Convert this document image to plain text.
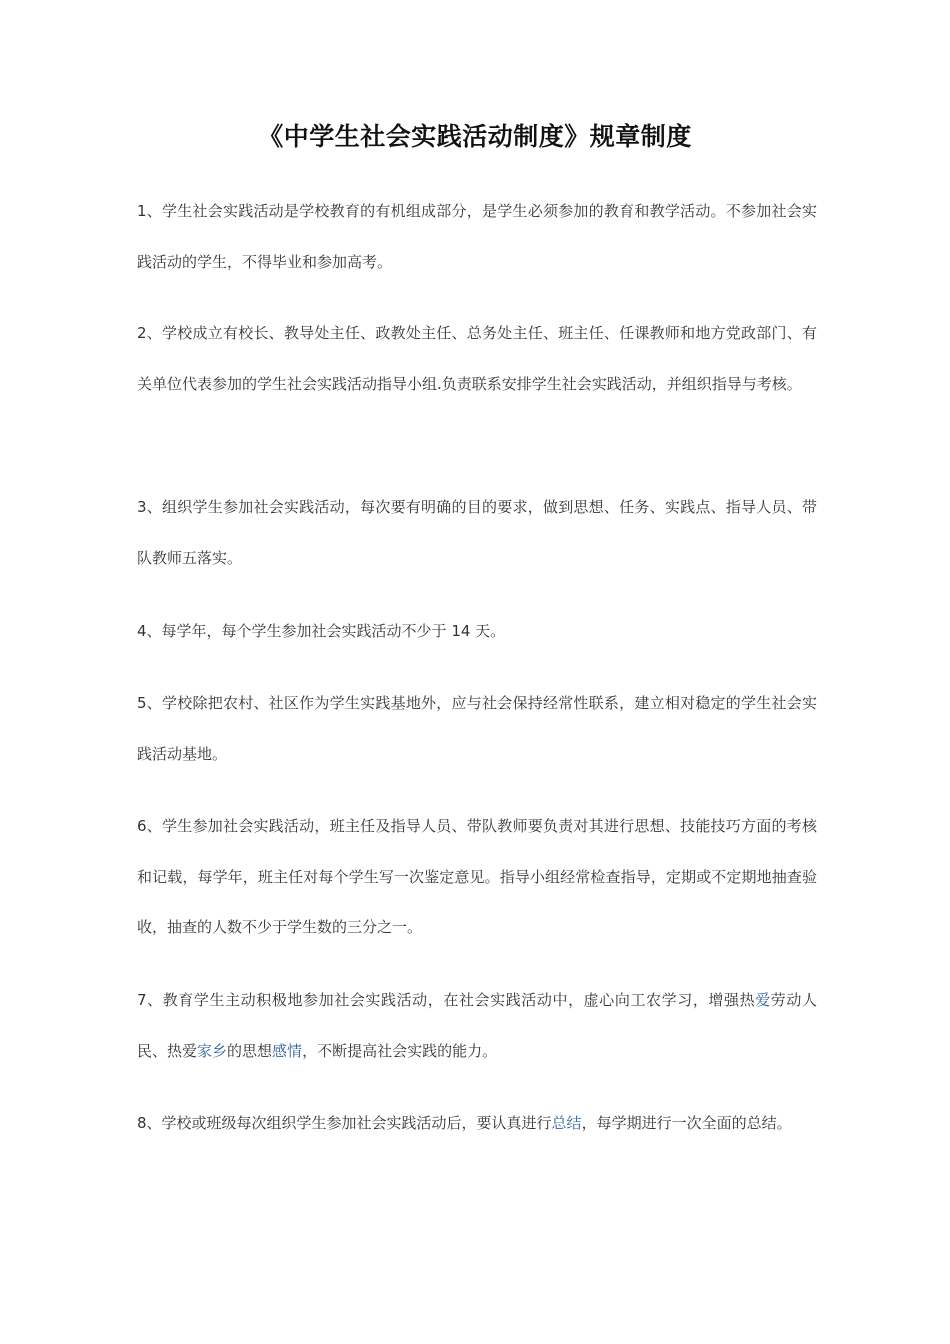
《中学生社会实践活动制度》规章制度

1、学生社会实践活动是学校教育的有机组成部分，是学生必须参加的教育和教学活动。不参加社会实践活动的学生，不得毕业和参加高考。

2、学校成立有校长、教导处主任、政教处主任、总务处主任、班主任、任课教师和地方党政部门、有关单位代表参加的学生社会实践活动指导小组.负责联系安排学生社会实践活动，并组织指导与考核。

3、组织学生参加社会实践活动，每次要有明确的目的要求，做到思想、任务、实践点、指导人员、带队教师五落实。

4、每学年，每个学生参加社会实践活动不少于 14 天。

5、学校除把农村、社区作为学生实践基地外，应与社会保持经常性联系，建立相对稳定的学生社会实践活动基地。

6、学生参加社会实践活动，班主任及指导人员、带队教师要负责对其进行思想、技能技巧方面的考核和记载，每学年，班主任对每个学生写一次鉴定意见。指导小组经常检查指导，定期或不定期地抽查验收，抽查的人数不少于学生数的三分之一。

7、教育学生主动积极地参加社会实践活动，在社会实践活动中，虚心向工农学习，增强热爱劳动人民、热爱家乡的思想感情，不断提高社会实践的能力。

8、学校或班级每次组织学生参加社会实践活动后，要认真进行总结，每学期进行一次全面的总结。
